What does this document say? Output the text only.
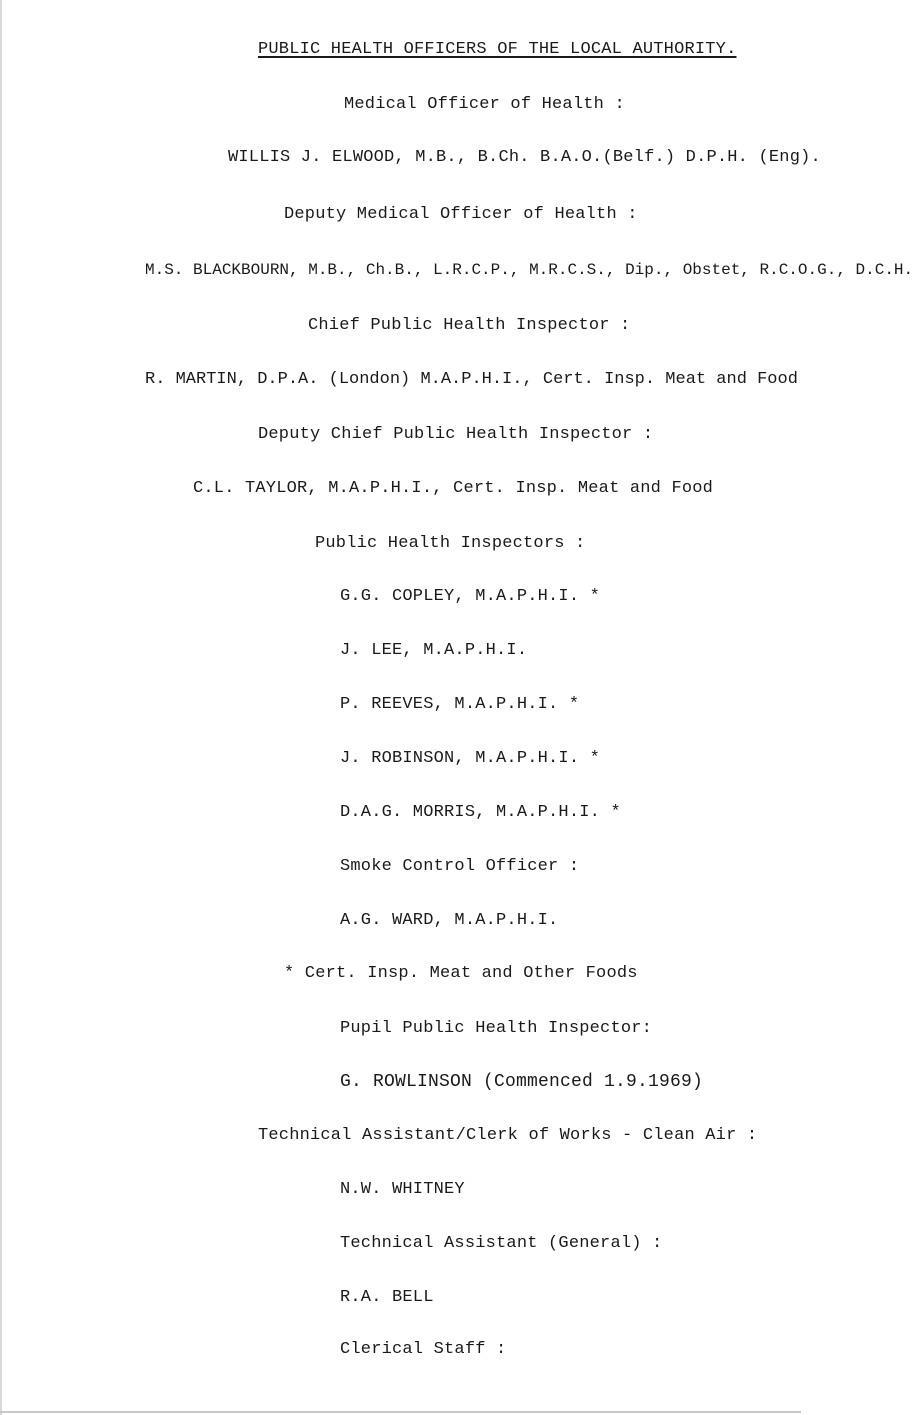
PUBLIC HEALTH OFFICERS OF THE LOCAL AUTHORITY.
Medical Officer of Health :
WILLIS J. ELWOOD, M.B., B.Ch. B.A.O.(Belf.) D.P.H. (Eng).
Deputy Medical Officer of Health :
M.S. BLACKBOURN, M.B., Ch.B., L.R.C.P., M.R.C.S., Dip., Obstet, R.C.O.G., D.C.H.
Chief Public Health Inspector :
R. MARTIN, D.P.A. (London) M.A.P.H.I., Cert. Insp. Meat and Food
Deputy Chief Public Health Inspector :
C.L. TAYLOR, M.A.P.H.I., Cert. Insp. Meat and Food
Public Health Inspectors :
G.G. COPLEY, M.A.P.H.I. *
J. LEE, M.A.P.H.I.
P. REEVES, M.A.P.H.I. *
J. ROBINSON, M.A.P.H.I. *
D.A.G. MORRIS, M.A.P.H.I. *
Smoke Control Officer :
A.G. WARD, M.A.P.H.I.
* Cert. Insp. Meat and Other Foods
Pupil Public Health Inspector:
G. ROWLINSON (Commenced 1.9.1969)
Technical Assistant/Clerk of Works - Clean Air :
N.W. WHITNEY
Technical Assistant (General) :
R.A. BELL
Clerical Staff :
